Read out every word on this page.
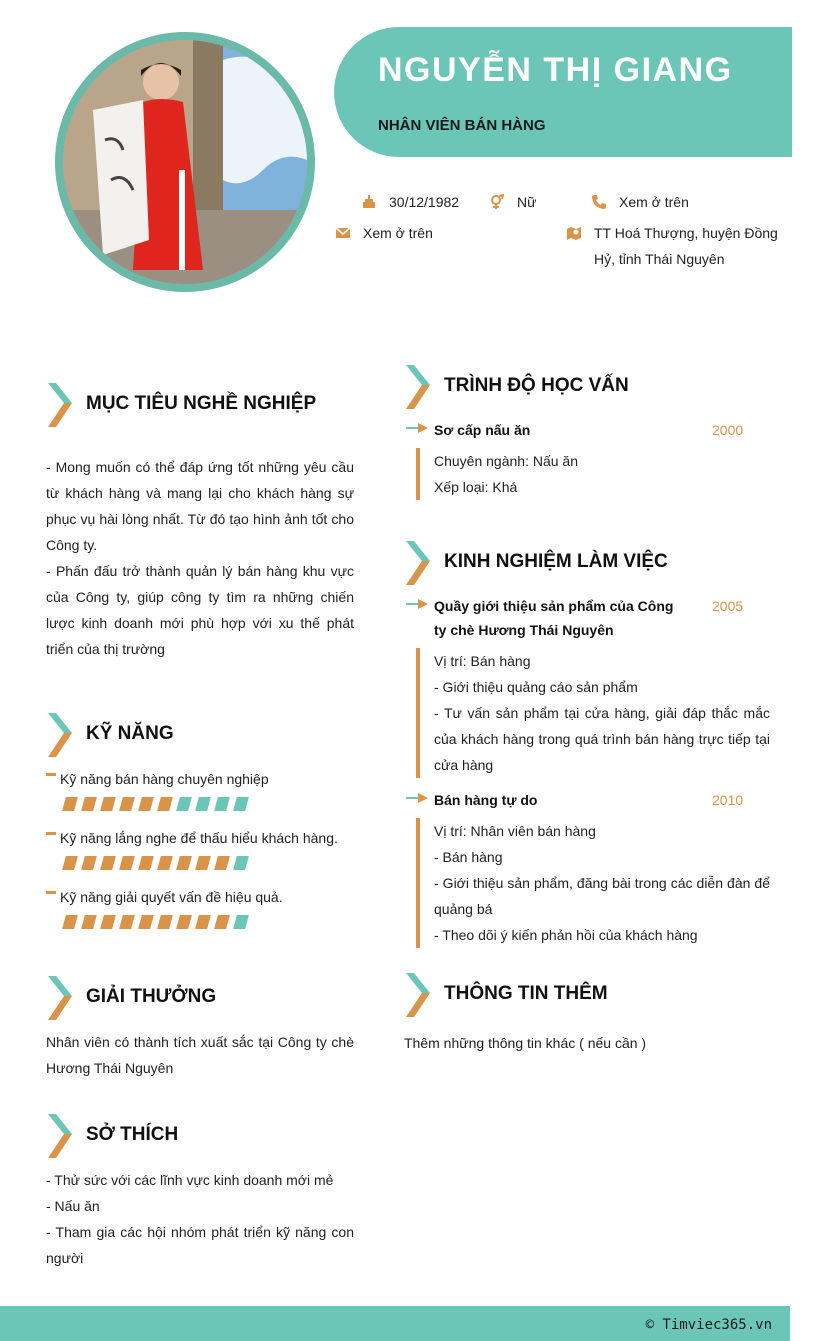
NGUYỄN THỊ GIANG
NHÂN VIÊN BÁN HÀNG
30/12/1982	Nữ	Xem ở trên
Xem ở trên	TT Hoá Thượng, huyện Đồng
Hỷ, tỉnh Thái Nguyên
MỤC TIÊU NGHỀ NGHIỆP

- Mong muốn có thể đáp ứng tốt những yêu cầu từ khách hàng và mang lại cho khách hàng sự phục vụ hài lòng nhất. Từ đó tạo hình ảnh tốt cho Công ty.

- Phấn đấu trở thành quản lý bán hàng khu vực của Công ty, giúp công ty tìm ra những chiến lược kinh doanh mới phù hợp với xu thế phát triển của thị trường

KỸ NĂNG
Kỹ năng bán hàng chuyên nghiệp
Kỹ năng lắng nghe để thấu hiểu khách hàng.
Kỹ năng giải quyết vấn đề hiệu quả.
GIẢI THƯỞNG

Nhân viên có thành tích xuất sắc tại Công ty chè Hương Thái Nguyên

SỞ THÍCH

- Thử sức với các lĩnh vực kinh doanh mới mẻ

- Nấu ăn

- Tham gia các hội nhóm phát triển kỹ năng con người

TRÌNH ĐỘ HỌC VẤN
Sơ cấp nấu ăn	2000

Chuyên ngành: Nấu ăn

Xếp loại: Khá

KINH NGHIỆM LÀM VIỆC
Quầy giới thiệu sản phẩm của Công ty chè Hương Thái Nguyên
2005

Vị trí: Bán hàng

- Giới thiệu quảng cáo sản phẩm

- Tư vấn sản phẩm tại cửa hàng, giải đáp thắc mắc của khách hàng trong quá trình bán hàng trực tiếp tại cửa hàng

Bán hàng tự do	2010

Vị trí: Nhân viên bán hàng

- Bán hàng

- Giới thiệu sản phẩm, đăng bài trong các diễn đàn để quảng bá

- Theo dõi ý kiến phản hồi của khách hàng

THÔNG TIN THÊM

Thêm những thông tin khác ( nếu cần )

© Timviec365.vn
